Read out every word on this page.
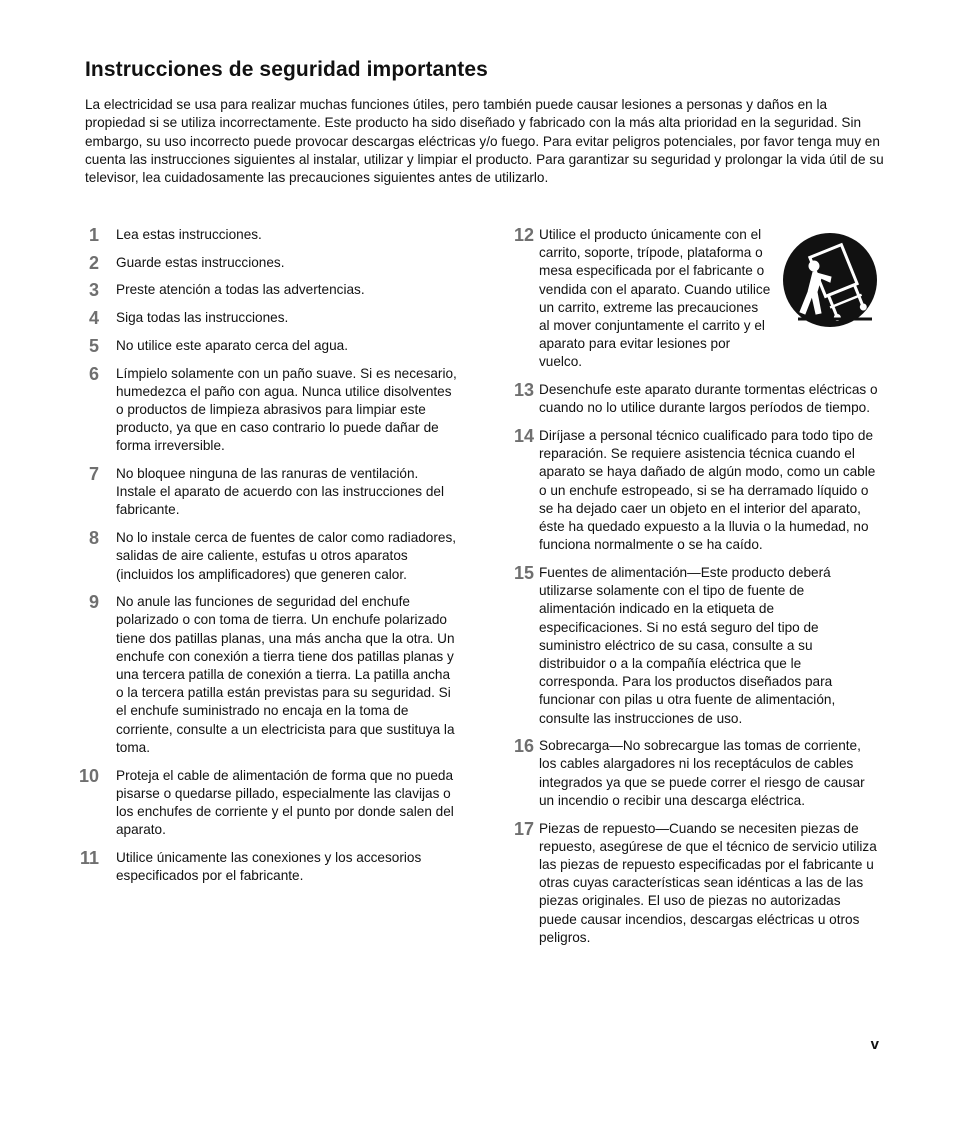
Instrucciones de seguridad importantes

La electricidad se usa para realizar muchas funciones útiles, pero también puede causar lesiones a personas y daños en la propiedad si se utiliza incorrectamente. Este producto ha sido diseñado y fabricado con la más alta prioridad en la seguridad. Sin embargo, su uso incorrecto puede provocar descargas eléctricas y/o fuego. Para evitar peligros potenciales, por favor tenga muy en cuenta las instrucciones siguientes al instalar, utilizar y limpiar el producto. Para garantizar su seguridad y prolongar la vida útil de su televisor, lea cuidadosamente las precauciones siguientes antes de utilizarlo.

1 Lea estas instrucciones.
2 Guarde estas instrucciones.
3 Preste atención a todas las advertencias.
4 Siga todas las instrucciones.
5 No utilice este aparato cerca del agua.
6 Límpielo solamente con un paño suave. Si es necesario, humedezca el paño con agua. Nunca utilice disolventes o productos de limpieza abrasivos para limpiar este producto, ya que en caso contrario lo puede dañar de forma irreversible.
7 No bloquee ninguna de las ranuras de ventilación. Instale el aparato de acuerdo con las instrucciones del fabricante.
8 No lo instale cerca de fuentes de calor como radiadores, salidas de aire caliente, estufas u otros aparatos (incluidos los amplificadores) que generen calor.
9 No anule las funciones de seguridad del enchufe polarizado o con toma de tierra. Un enchufe polarizado tiene dos patillas planas, una más ancha que la otra. Un enchufe con conexión a tierra tiene dos patillas planas y una tercera patilla de conexión a tierra. La patilla ancha o la tercera patilla están previstas para su seguridad. Si el enchufe suministrado no encaja en la toma de corriente, consulte a un electricista para que sustituya la toma.
10 Proteja el cable de alimentación de forma que no pueda pisarse o quedarse pillado, especialmente las clavijas o los enchufes de corriente y el punto por donde salen del aparato.
11 Utilice únicamente las conexiones y los accesorios especificados por el fabricante.
12 Utilice el producto únicamente con el carrito, soporte, trípode, plataforma o mesa especificada por el fabricante o vendida con el aparato. Cuando utilice un carrito, extreme las precauciones al mover conjuntamente el carrito y el aparato para evitar lesiones por vuelco.
13 Desenchufe este aparato durante tormentas eléctricas o cuando no lo utilice durante largos períodos de tiempo.
14 Diríjase a personal técnico cualificado para todo tipo de reparación. Se requiere asistencia técnica cuando el aparato se haya dañado de algún modo, como un cable o un enchufe estropeado, si se ha derramado líquido o se ha dejado caer un objeto en el interior del aparato, éste ha quedado expuesto a la lluvia o la humedad, no funciona normalmente o se ha caído.
15 Fuentes de alimentación—Este producto deberá utilizarse solamente con el tipo de fuente de alimentación indicado en la etiqueta de especificaciones. Si no está seguro del tipo de suministro eléctrico de su casa, consulte a su distribuidor o a la compañía eléctrica que le corresponda. Para los productos diseñados para funcionar con pilas u otra fuente de alimentación, consulte las instrucciones de uso.
16 Sobrecarga—No sobrecargue las tomas de corriente, los cables alargadores ni los receptáculos de cables integrados ya que se puede correr el riesgo de causar un incendio o recibir una descarga eléctrica.
17 Piezas de repuesto—Cuando se necesiten piezas de repuesto, asegúrese de que el técnico de servicio utiliza las piezas de repuesto especificadas por el fabricante u otras cuyas características sean idénticas a las de las piezas originales. El uso de piezas no autorizadas puede causar incendios, descargas eléctricas u otros peligros.
v
